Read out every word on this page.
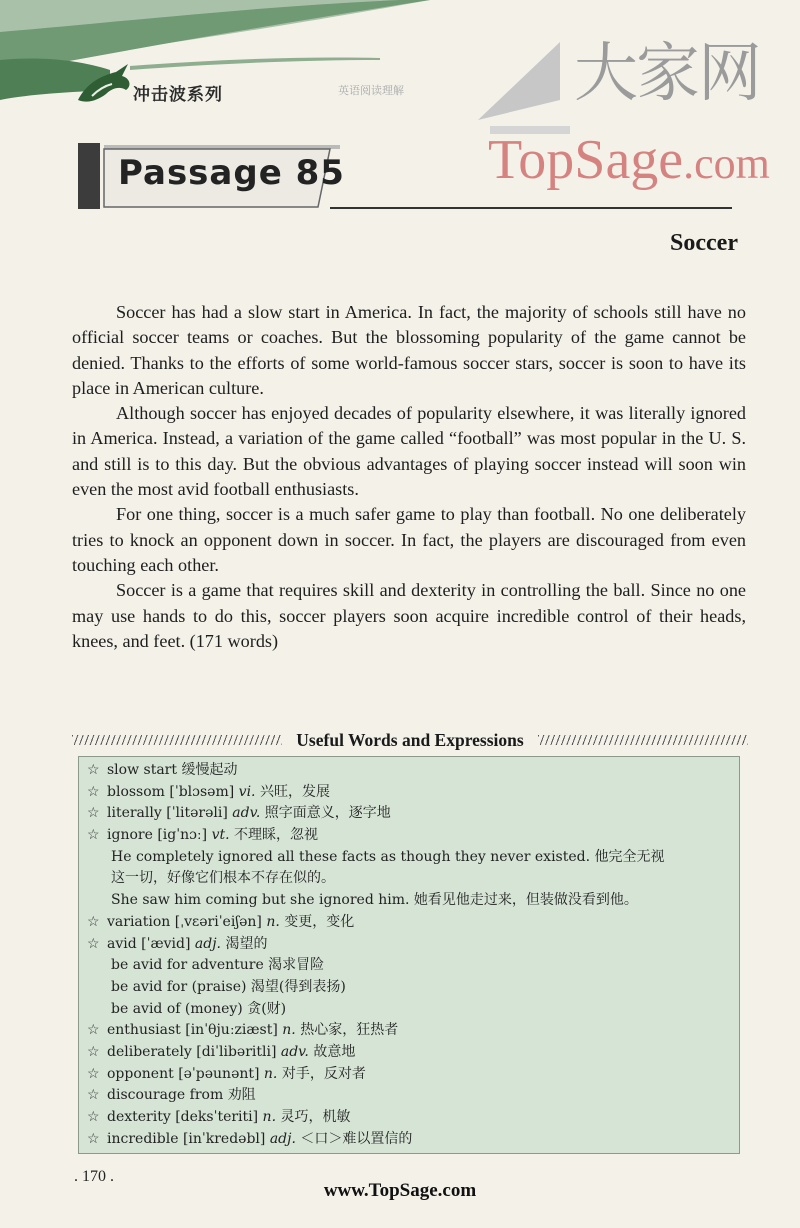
冲击波系列	英语阅读理解	大家网
TopSage.com
Passage 85
Soccer

Soccer has had a slow start in America. In fact, the majority of schools still have no official soccer teams or coaches. But the blossoming popularity of the game cannot be denied. Thanks to the efforts of some world-famous soccer stars, soccer is soon to have its place in American culture.

Although soccer has enjoyed decades of popularity elsewhere, it was literally ignored in America. Instead, a variation of the game called “football” was most popular in the U. S. and still is to this day. But the obvious advantages of playing soccer instead will soon win even the most avid football enthusiasts.

For one thing, soccer is a much safer game to play than football. No one deliberately tries to knock an opponent down in soccer. In fact, the players are discouraged from even touching each other.

Soccer is a game that requires skill and dexterity in controlling the ball. Since no one may use hands to do this, soccer players soon acquire incredible control of their heads, knees, and feet. (171 words)

Useful Words and Expressions
☆ slow start 缓慢起动
☆ blossom [ˈblɔsəm] vi. 兴旺，发展
☆ literally [ˈlitərəli] adv. 照字面意义，逐字地
☆ ignore [igˈnɔː] vt. 不理睬，忽视
He completely ignored all these facts as though they never existed. 他完全无视
这一切，好像它们根本不存在似的。
She saw him coming but she ignored him. 她看见他走过来，但装做没看到他。
☆ variation [ˌvɛəriˈeiʃən] n. 变更，变化
☆ avid [ˈævid] adj. 渴望的
be avid for adventure 渴求冒险
be avid for (praise) 渴望(得到表扬)
be avid of (money) 贪(财)
☆ enthusiast [inˈθjuːziæst] n. 热心家，狂热者
☆ deliberately [diˈlibəritli] adv. 故意地
☆ opponent [əˈpəunənt] n. 对手，反对者
☆ discourage from 劝阻
☆ dexterity [deksˈteriti] n. 灵巧，机敏
☆ incredible [inˈkredəbl] adj. ＜口＞难以置信的
. 170 .
www.TopSage.com
